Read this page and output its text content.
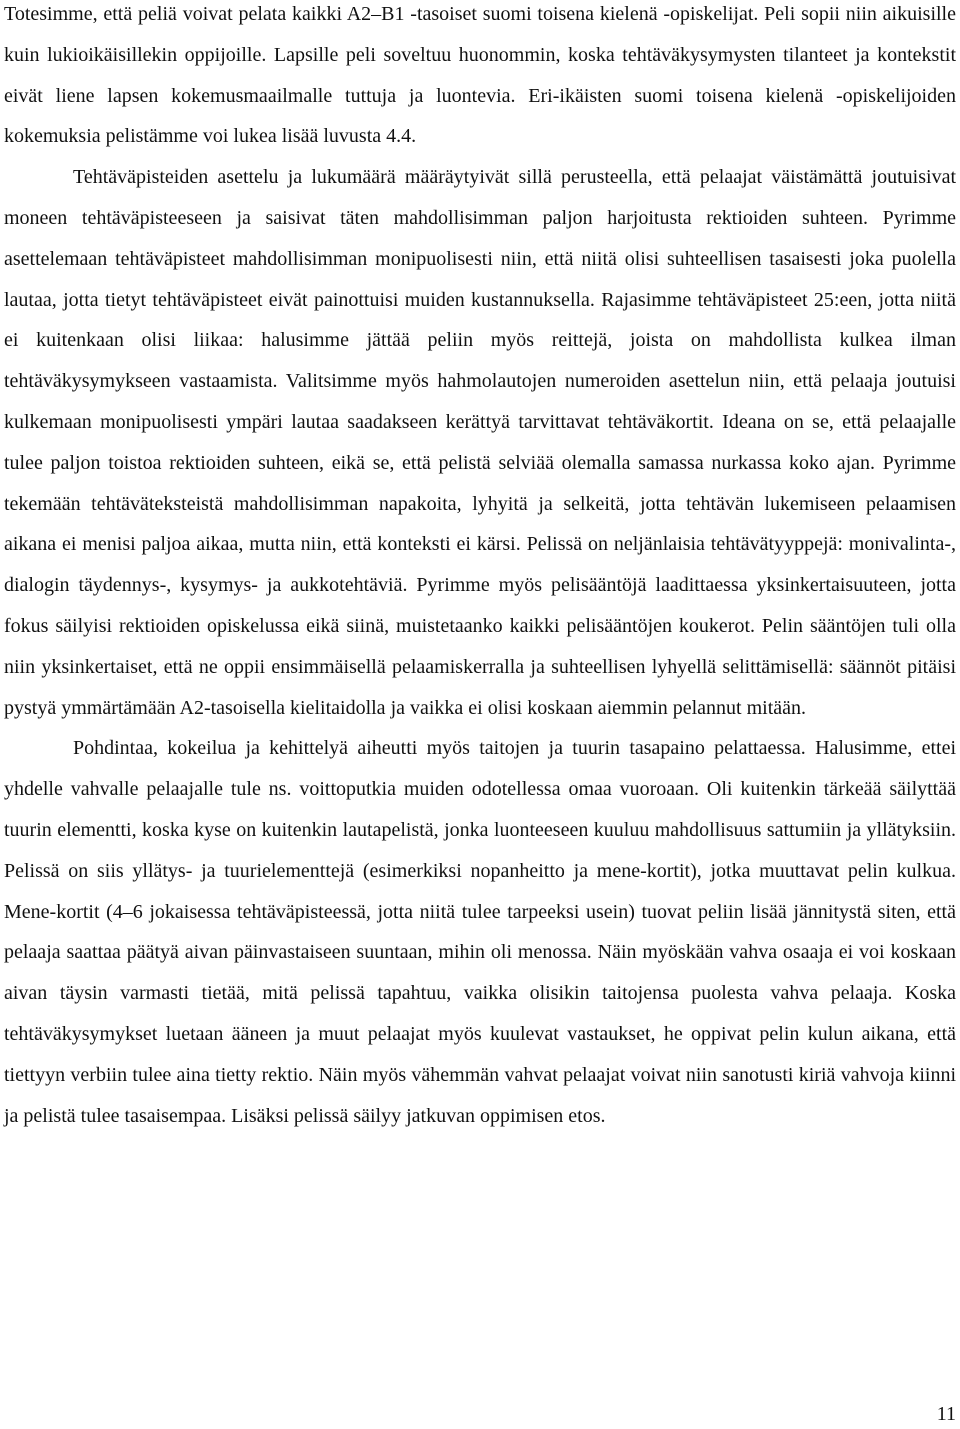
Totesimme, että peliä voivat pelata kaikki A2–B1 -tasoiset suomi toisena kielenä -opiskelijat. Peli sopii niin aikuisille kuin lukioikäisillekin oppijoille. Lapsille peli soveltuu huonommin, koska tehtäväkysymysten tilanteet ja kontekstit eivät liene lapsen kokemusmaailmalle tuttuja ja luontevia. Eri-ikäisten suomi toisena kielenä -opiskelijoiden kokemuksia pelistämme voi lukea lisää luvusta 4.4.

Tehtäväpisteiden asettelu ja lukumäärä määräytyivät sillä perusteella, että pelaajat väistämättä joutuisivat moneen tehtäväpisteeseen ja saisivat täten mahdollisimman paljon harjoitusta rektioiden suhteen. Pyrimme asettelemaan tehtäväpisteet mahdollisimman monipuolisesti niin, että niitä olisi suhteellisen tasaisesti joka puolella lautaa, jotta tietyt tehtäväpisteet eivät painottuisi muiden kustannuksella. Rajasimme tehtäväpisteet 25:een, jotta niitä ei kuitenkaan olisi liikaa: halusimme jättää peliin myös reittejä, joista on mahdollista kulkea ilman tehtäväkysymykseen vastaamista. Valitsimme myös hahmolautojen numeroiden asettelun niin, että pelaaja joutuisi kulkemaan monipuolisesti ympäri lautaa saadakseen kerättyä tarvittavat tehtäväkortit. Ideana on se, että pelaajalle tulee paljon toistoa rektioiden suhteen, eikä se, että pelistä selviää olemalla samassa nurkassa koko ajan. Pyrimme tekemään tehtäväteksteistä mahdollisimman napakoita, lyhyitä ja selkeitä, jotta tehtävän lukemiseen pelaamisen aikana ei menisi paljoa aikaa, mutta niin, että konteksti ei kärsi. Pelissä on neljänlaisia tehtävätyyppejä: monivalinta-, dialogin täydennys-, kysymys- ja aukkotehtäviä. Pyrimme myös pelisääntöjä laadittaessa yksinkertaisuuteen, jotta fokus säilyisi rektioiden opiskelussa eikä siinä, muistetaanko kaikki pelisääntöjen koukerot. Pelin sääntöjen tuli olla niin yksinkertaiset, että ne oppii ensimmäisellä pelaamiskerralla ja suhteellisen lyhyellä selittämisellä: säännöt pitäisi pystyä ymmärtämään A2-tasoisella kielitaidolla ja vaikka ei olisi koskaan aiemmin pelannut mitään.

Pohdintaa, kokeilua ja kehittelyä aiheutti myös taitojen ja tuurin tasapaino pelattaessa. Halusimme, ettei yhdelle vahvalle pelaajalle tule ns. voittoputkia muiden odotellessa omaa vuoroaan. Oli kuitenkin tärkeää säilyttää tuurin elementti, koska kyse on kuitenkin lautapelistä, jonka luonteeseen kuuluu mahdollisuus sattumiin ja yllätyksiin. Pelissä on siis yllätys- ja tuurielementtejä (esimerkiksi nopanheitto ja mene-kortit), jotka muuttavat pelin kulkua. Mene-kortit (4–6 jokaisessa tehtäväpisteessä, jotta niitä tulee tarpeeksi usein) tuovat peliin lisää jännitystä siten, että pelaaja saattaa päätyä aivan päinvastaiseen suuntaan, mihin oli menossa. Näin myöskään vahva osaaja ei voi koskaan aivan täysin varmasti tietää, mitä pelissä tapahtuu, vaikka olisikin taitojensa puolesta vahva pelaaja. Koska tehtäväkysymykset luetaan ääneen ja muut pelaajat myös kuulevat vastaukset, he oppivat pelin kulun aikana, että tiettyyn verbiin tulee aina tietty rektio. Näin myös vähemmän vahvat pelaajat voivat niin sanotusti kiriä vahvoja kiinni ja pelistä tulee tasaisempaa. Lisäksi pelissä säilyy jatkuvan oppimisen etos.

11
